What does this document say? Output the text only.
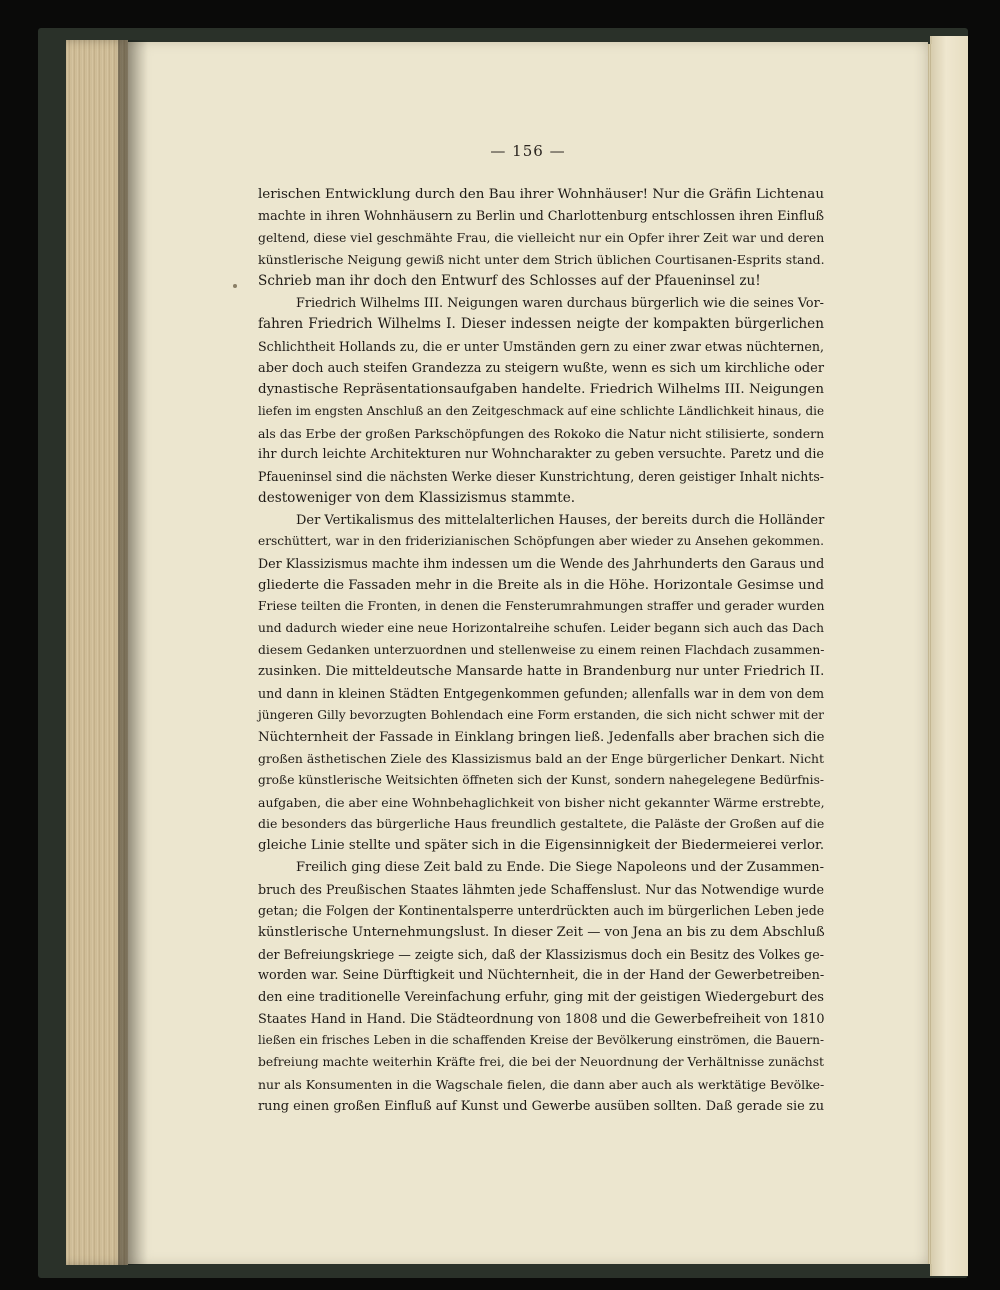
— 156 —
lerischen Entwicklung durch den Bau ihrer Wohnhäuser! Nur die Gräfin Lichtenau
machte in ihren Wohnhäusern zu Berlin und Charlottenburg entschlossen ihren Einfluß
geltend, diese viel geschmähte Frau, die vielleicht nur ein Opfer ihrer Zeit war und deren
künstlerische Neigung gewiß nicht unter dem Strich üblichen Courtisanen-Esprits stand.
Schrieb man ihr doch den Entwurf des Schlosses auf der Pfaueninsel zu!
Friedrich Wilhelms III. Neigungen waren durchaus bürgerlich wie die seines Vor-
fahren Friedrich Wilhelms I. Dieser indessen neigte der kompakten bürgerlichen
Schlichtheit Hollands zu, die er unter Umständen gern zu einer zwar etwas nüchternen,
aber doch auch steifen Grandezza zu steigern wußte, wenn es sich um kirchliche oder
dynastische Repräsentationsaufgaben handelte. Friedrich Wilhelms III. Neigungen
liefen im engsten Anschluß an den Zeitgeschmack auf eine schlichte Ländlichkeit hinaus, die
als das Erbe der großen Parkschöpfungen des Rokoko die Natur nicht stilisierte, sondern
ihr durch leichte Architekturen nur Wohncharakter zu geben versuchte. Paretz und die
Pfaueninsel sind die nächsten Werke dieser Kunstrichtung, deren geistiger Inhalt nichts-
destoweniger von dem Klassizismus stammte.
Der Vertikalismus des mittelalterlichen Hauses, der bereits durch die Holländer
erschüttert, war in den friderizianischen Schöpfungen aber wieder zu Ansehen gekommen.
Der Klassizismus machte ihm indessen um die Wende des Jahrhunderts den Garaus und
gliederte die Fassaden mehr in die Breite als in die Höhe. Horizontale Gesimse und
Friese teilten die Fronten, in denen die Fensterumrahmungen straffer und gerader wurden
und dadurch wieder eine neue Horizontalreihe schufen. Leider begann sich auch das Dach
diesem Gedanken unterzuordnen und stellenweise zu einem reinen Flachdach zusammen-
zusinken. Die mitteldeutsche Mansarde hatte in Brandenburg nur unter Friedrich II.
und dann in kleinen Städten Entgegenkommen gefunden; allenfalls war in dem von dem
jüngeren Gilly bevorzugten Bohlendach eine Form erstanden, die sich nicht schwer mit der
Nüchternheit der Fassade in Einklang bringen ließ. Jedenfalls aber brachen sich die
großen ästhetischen Ziele des Klassizismus bald an der Enge bürgerlicher Denkart. Nicht
große künstlerische Weitsichten öffneten sich der Kunst, sondern nahegelegene Bedürfnis-
aufgaben, die aber eine Wohnbehaglichkeit von bisher nicht gekannter Wärme erstrebte,
die besonders das bürgerliche Haus freundlich gestaltete, die Paläste der Großen auf die
gleiche Linie stellte und später sich in die Eigensinnigkeit der Biedermeierei verlor.
Freilich ging diese Zeit bald zu Ende. Die Siege Napoleons und der Zusammen-
bruch des Preußischen Staates lähmten jede Schaffenslust. Nur das Notwendige wurde
getan; die Folgen der Kontinentalsperre unterdrückten auch im bürgerlichen Leben jede
künstlerische Unternehmungslust. In dieser Zeit — von Jena an bis zu dem Abschluß
der Befreiungskriege — zeigte sich, daß der Klassizismus doch ein Besitz des Volkes ge-
worden war. Seine Dürftigkeit und Nüchternheit, die in der Hand der Gewerbetreiben-
den eine traditionelle Vereinfachung erfuhr, ging mit der geistigen Wiedergeburt des
Staates Hand in Hand. Die Städteordnung von 1808 und die Gewerbefreiheit von 1810
ließen ein frisches Leben in die schaffenden Kreise der Bevölkerung einströmen, die Bauern-
befreiung machte weiterhin Kräfte frei, die bei der Neuordnung der Verhältnisse zunächst
nur als Konsumenten in die Wagschale fielen, die dann aber auch als werktätige Bevölke-
rung einen großen Einfluß auf Kunst und Gewerbe ausüben sollten. Daß gerade sie zu
